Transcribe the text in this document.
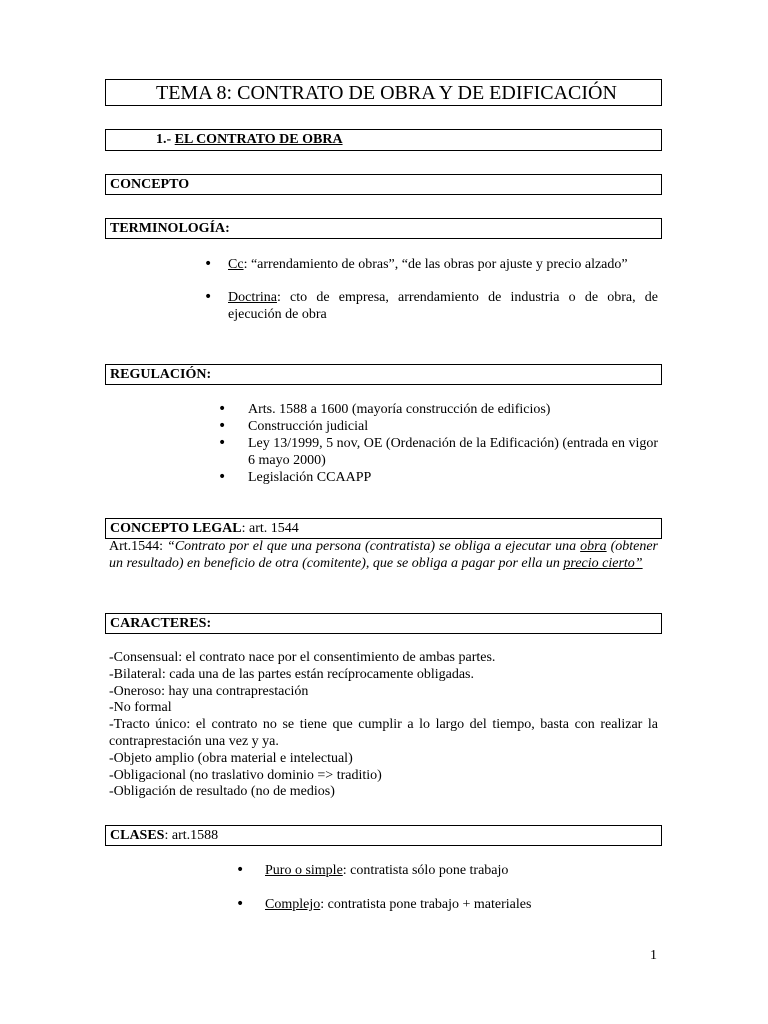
TEMA 8: CONTRATO DE OBRA Y DE EDIFICACIÓN
1.- EL CONTRATO DE OBRA
CONCEPTO
TERMINOLOGÍA:
• Cc: “arrendamiento de obras”, “de las obras por ajuste y precio alzado”
• Doctrina: cto de empresa, arrendamiento de industria o de obra, de ejecución de obra
REGULACIÓN:
• Arts. 1588 a 1600 (mayoría construcción de edificios)
• Construcción judicial
• Ley 13/1999, 5 nov, OE (Ordenación de la Edificación) (entrada en vigor 6 mayo 2000)
• Legislación CCAAPP
CONCEPTO LEGAL: art. 1544
Art.1544: “Contrato por el que una persona (contratista) se obliga a ejecutar una obra (obtener un resultado) en beneficio de otra (comitente), que se obliga a pagar por ella un precio cierto”
CARACTERES:
-Consensual: el contrato nace por el consentimiento de ambas partes.
-Bilateral: cada una de las partes están recíprocamente obligadas.
-Oneroso: hay una contraprestación
-No formal
-Tracto único: el contrato no se tiene que cumplir a lo largo del tiempo, basta con realizar la contraprestación una vez y ya.
-Objeto amplio (obra material e intelectual)
-Obligacional (no traslativo dominio => traditio)
-Obligación de resultado (no de medios)
CLASES: art.1588
• Puro o simple: contratista sólo pone trabajo
• Complejo: contratista pone trabajo + materiales
1
